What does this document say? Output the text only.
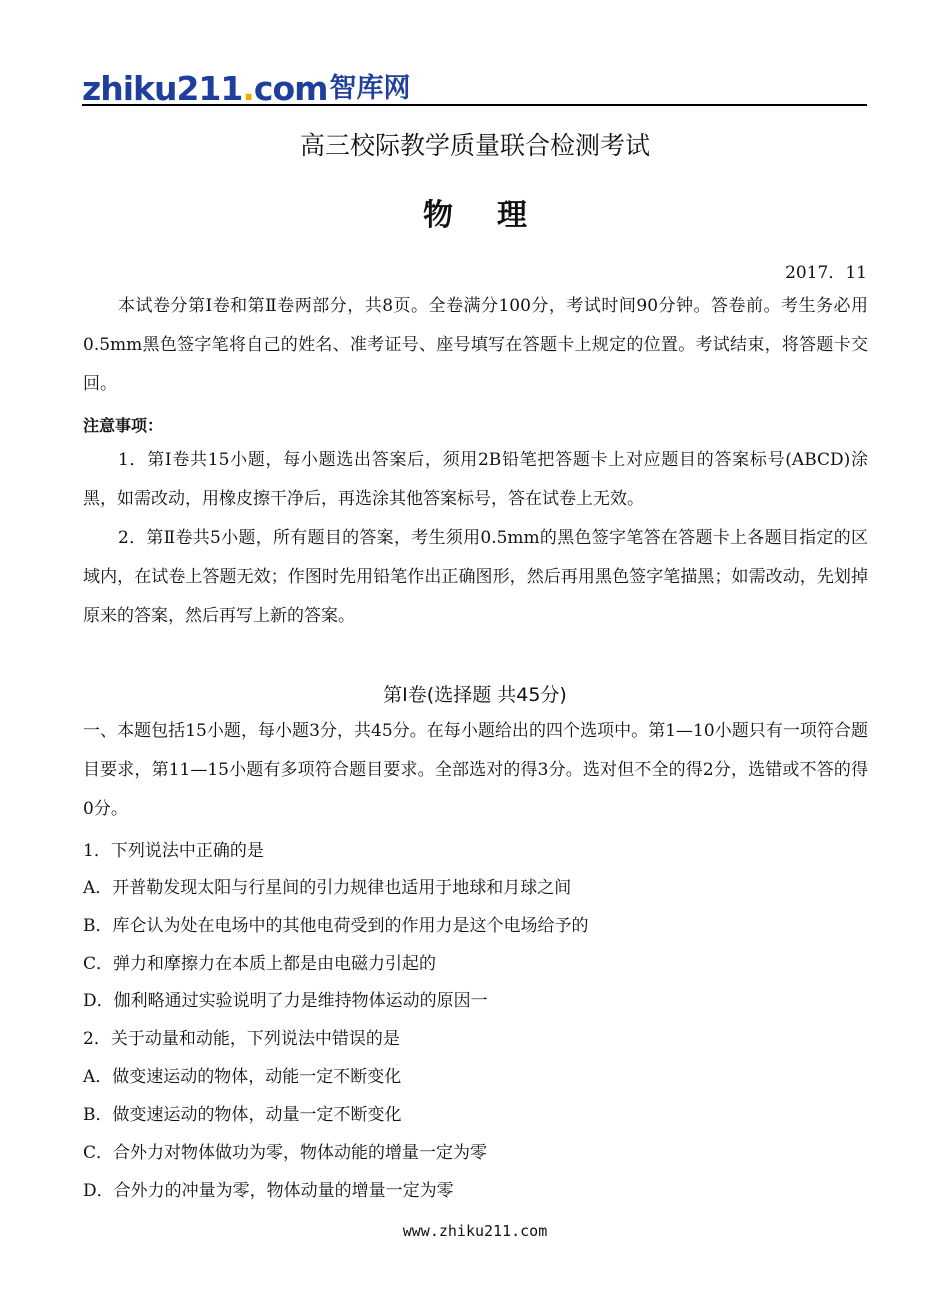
zhiku211.com 智库网
高三校际教学质量联合检测考试
物理
2017．11
本试卷分第Ⅰ卷和第Ⅱ卷两部分，共8页。全卷满分100分，考试时间90分钟。答卷前。考生务必用0.5mm黑色签字笔将自己的姓名、准考证号、座号填写在答题卡上规定的位置。考试结束，将答题卡交回。
注意事项：
1．第Ⅰ卷共15小题，每小题选出答案后，须用2B铅笔把答题卡上对应题目的答案标号(ABCD)涂黑，如需改动，用橡皮擦干净后，再选涂其他答案标号，答在试卷上无效。
2．第Ⅱ卷共5小题，所有题目的答案，考生须用0.5mm的黑色签字笔答在答题卡上各题目指定的区域内，在试卷上答题无效；作图时先用铅笔作出正确图形，然后再用黑色签字笔描黑；如需改动，先划掉原来的答案，然后再写上新的答案。
第Ⅰ卷(选择题 共45分)
一、本题包括15小题，每小题3分，共45分。在每小题给出的四个选项中。第1—10小题只有一项符合题目要求，第11—15小题有多项符合题目要求。全部选对的得3分。选对但不全的得2分，选错或不答的得0分。
1．下列说法中正确的是
A．开普勒发现太阳与行星间的引力规律也适用于地球和月球之间
B．库仑认为处在电场中的其他电荷受到的作用力是这个电场给予的
C．弹力和摩擦力在本质上都是由电磁力引起的
D．伽利略通过实验说明了力是维持物体运动的原因一
2．关于动量和动能，下列说法中错误的是
A．做变速运动的物体，动能一定不断变化
B．做变速运动的物体，动量一定不断变化
C．合外力对物体做功为零，物体动能的增量一定为零
D．合外力的冲量为零，物体动量的增量一定为零
www.zhiku211.com
